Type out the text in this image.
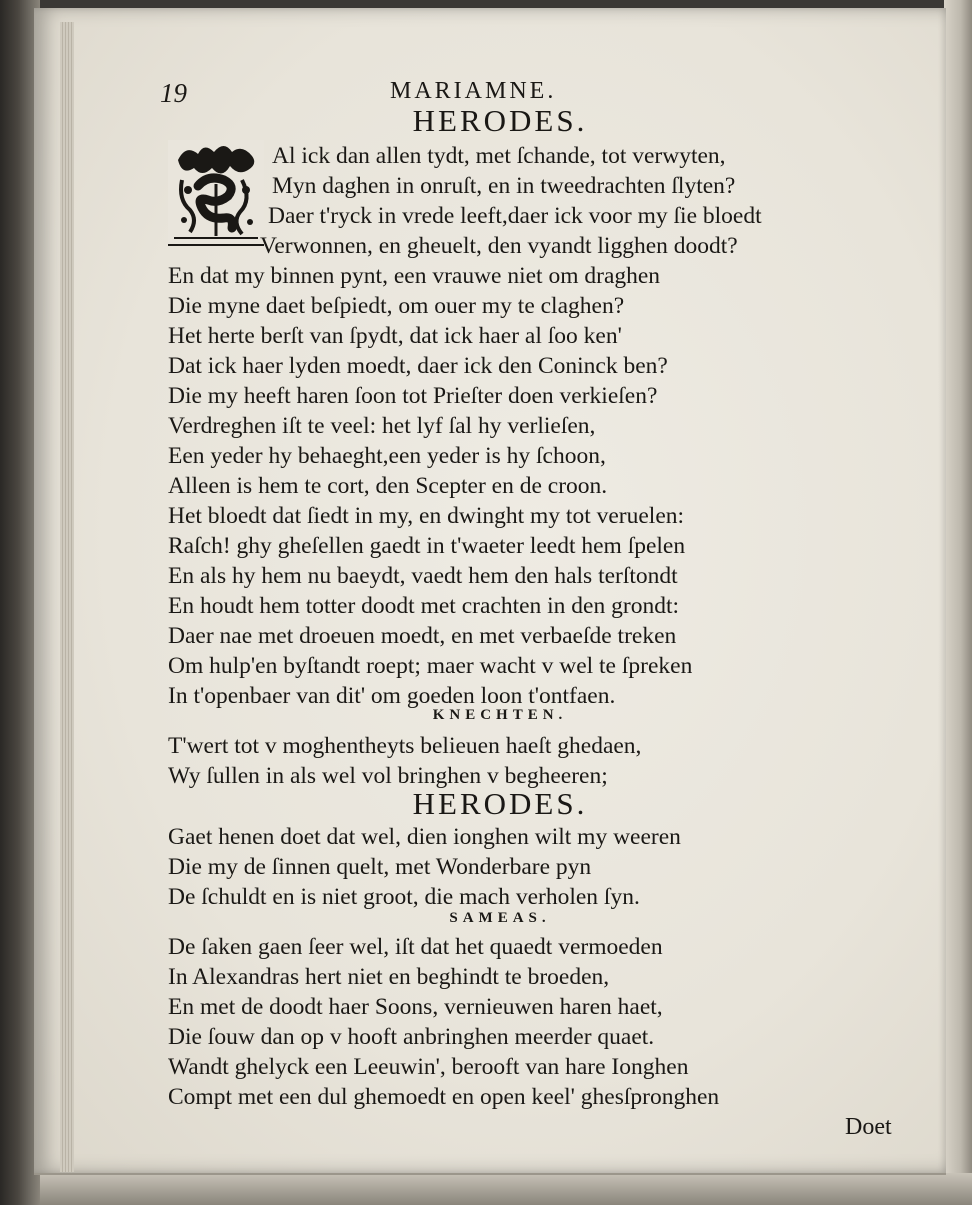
19	MARIAMNE.
HERODES.
Al ick dan allen tydt, met ſchande, tot verwyten,
Myn daghen in onruſt, en in tweedrachten ſlyten?
Daer t'ryck in vrede leeft,daer ick voor my ſie bloedt
Verwonnen, en gheuelt, den vyandt ligghen doodt?
En dat my binnen pynt, een vrauwe niet om draghen
Die myne daet beſpiedt, om ouer my te claghen?
Het herte berſt van ſpydt, dat ick haer al ſoo ken'
Dat ick haer lyden moedt, daer ick den Coninck ben?
Die my heeft haren ſoon tot Prieſter doen verkieſen?
Verdreghen iſt te veel: het lyf ſal hy verlieſen,
Een yeder hy behaeght,een yeder is hy ſchoon,
Alleen is hem te cort, den Scepter en de croon.
Het bloedt dat ſiedt in my, en dwinght my tot veruelen:
Raſch! ghy gheſellen gaedt in t'waeter leedt hem ſpelen
En als hy hem nu baeydt, vaedt hem den hals terſtondt
En houdt hem totter doodt met crachten in den grondt:
Daer nae met droeuen moedt, en met verbaeſde treken
Om hulp'en byſtandt roept; maer wacht v wel te ſpreken
In t'openbaer van dit' om goeden loon t'ontfaen.
KNECHTEN.
T'wert tot v moghentheyts belieuen haeſt ghedaen,
Wy ſullen in als wel vol bringhen v begheeren;
HERODES.
Gaet henen doet dat wel, dien ionghen wilt my weeren
Die my de ſinnen quelt, met Wonderbare pyn
De ſchuldt en is niet groot, die mach verholen ſyn.
SAMEAS.
De ſaken gaen ſeer wel, iſt dat het quaedt vermoeden
In Alexandras hert niet en beghindt te broeden,
En met de doodt haer Soons, vernieuwen haren haet,
Die ſouw dan op v hooft anbringhen meerder quaet.
Wandt ghelyck een Leeuwin', berooft van hare Ionghen
Compt met een dul ghemoedt en open keel' ghesſpronghen
Doet
